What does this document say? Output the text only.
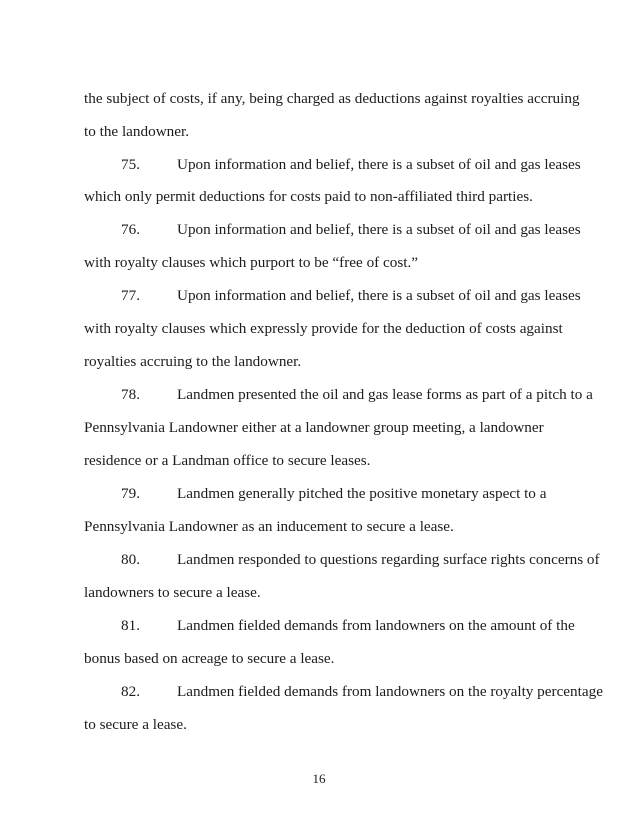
the subject of costs, if any, being charged as deductions against royalties accruing
to the landowner.
75. Upon information and belief, there is a subset of oil and gas leases
which only permit deductions for costs paid to non-affiliated third parties.
76. Upon information and belief, there is a subset of oil and gas leases
with royalty clauses which purport to be “free of cost.”
77. Upon information and belief, there is a subset of oil and gas leases
with royalty clauses which expressly provide for the deduction of costs against
royalties accruing to the landowner.
78. Landmen presented the oil and gas lease forms as part of a pitch to a
Pennsylvania Landowner either at a landowner group meeting, a landowner
residence or a Landman office to secure leases.
79. Landmen generally pitched the positive monetary aspect to a
Pennsylvania Landowner as an inducement to secure a lease.
80. Landmen responded to questions regarding surface rights concerns of
landowners to secure a lease.
81. Landmen fielded demands from landowners on the amount of the
bonus based on acreage to secure a lease.
82. Landmen fielded demands from landowners on the royalty percentage
to secure a lease.
16
